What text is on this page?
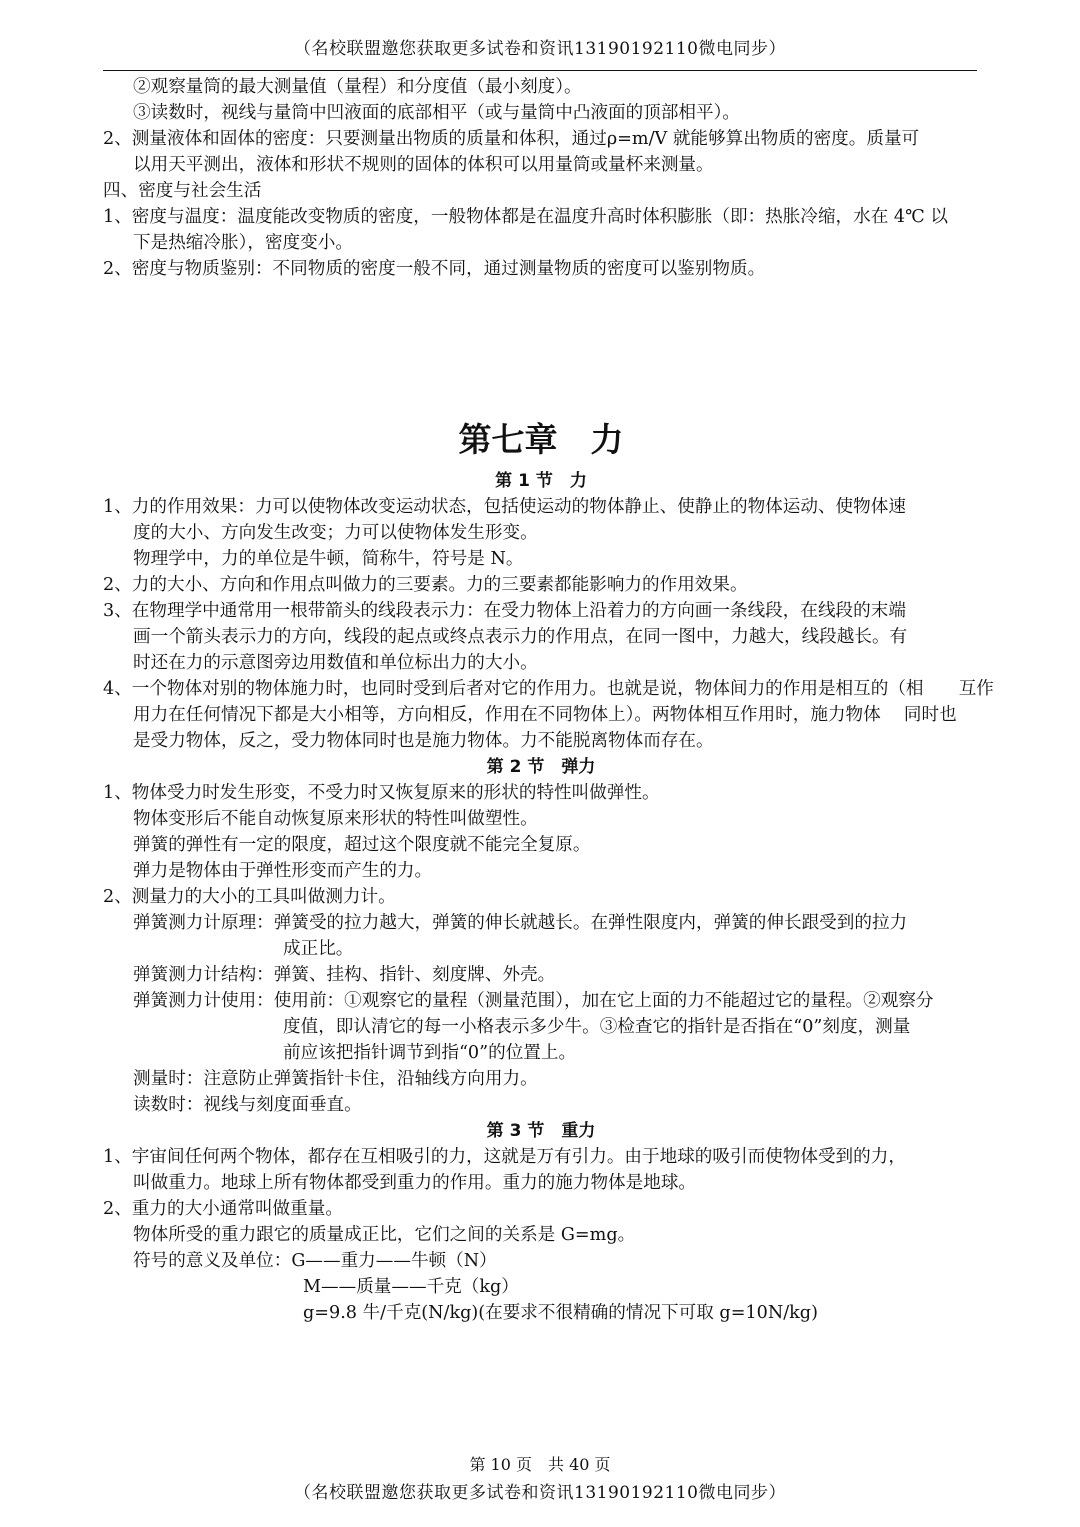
（名校联盟邀您获取更多试卷和资讯13190192110微电同步）
②观察量筒的最大测量值（量程）和分度值（最小刻度）。
③读数时，视线与量筒中凹液面的底部相平（或与量筒中凸液面的顶部相平）。
2、测量液体和固体的密度：只要测量出物质的质量和体积，通过ρ=m/V 就能够算出物质的密度。质量可
以用天平测出，液体和形状不规则的固体的体积可以用量筒或量杯来测量。
四、密度与社会生活
1、密度与温度：温度能改变物质的密度，一般物体都是在温度升高时体积膨胀（即：热胀冷缩，水在 4℃ 以
下是热缩冷胀），密度变小。
2、密度与物质鉴别：不同物质的密度一般不同，通过测量物质的密度可以鉴别物质。
第七章　力
第 1 节　力
1、力的作用效果：力可以使物体改变运动状态，包括使运动的物体静止、使静止的物体运动、使物体速
度的大小、方向发生改变；力可以使物体发生形变。
物理学中，力的单位是牛顿，简称牛，符号是 N。
2、力的大小、方向和作用点叫做力的三要素。力的三要素都能影响力的作用效果。
3、在物理学中通常用一根带箭头的线段表示力：在受力物体上沿着力的方向画一条线段，在线段的末端
画一个箭头表示力的方向，线段的起点或终点表示力的作用点，在同一图中，力越大，线段越长。有
时还在力的示意图旁边用数值和单位标出力的大小。
4、一个物体对别的物体施力时，也同时受到后者对它的作用力。也就是说，物体间力的作用是相互的（相　　互作
用力在任何情况下都是大小相等，方向相反，作用在不同物体上）。两物体相互作用时，施力物体　 同时也
是受力物体，反之，受力物体同时也是施力物体。力不能脱离物体而存在。
第 2 节　弹力
1、物体受力时发生形变，不受力时又恢复原来的形状的特性叫做弹性。
物体变形后不能自动恢复原来形状的特性叫做塑性。
弹簧的弹性有一定的限度，超过这个限度就不能完全复原。
弹力是物体由于弹性形变而产生的力。
2、测量力的大小的工具叫做测力计。
弹簧测力计原理：弹簧受的拉力越大，弹簧的伸长就越长。在弹性限度内，弹簧的伸长跟受到的拉力
成正比。
弹簧测力计结构：弹簧、挂构、指针、刻度牌、外壳。
弹簧测力计使用：使用前：①观察它的量程（测量范围），加在它上面的力不能超过它的量程。②观察分
度值，即认清它的每一小格表示多少牛。③检查它的指针是否指在“0”刻度，测量
前应该把指针调节到指“0”的位置上。
测量时：注意防止弹簧指针卡住，沿轴线方向用力。
读数时：视线与刻度面垂直。
第 3 节　重力
1、宇宙间任何两个物体，都存在互相吸引的力，这就是万有引力。由于地球的吸引而使物体受到的力，
叫做重力。地球上所有物体都受到重力的作用。重力的施力物体是地球。
2、重力的大小通常叫做重量。
物体所受的重力跟它的质量成正比，它们之间的关系是 G=mg。
符号的意义及单位：G——重力——牛顿（N）
M——质量——千克（kg）
g=9.8 牛/千克(N/kg)(在要求不很精确的情况下可取 g=10N/kg)
第 10 页　共 40 页
（名校联盟邀您获取更多试卷和资讯13190192110微电同步）
